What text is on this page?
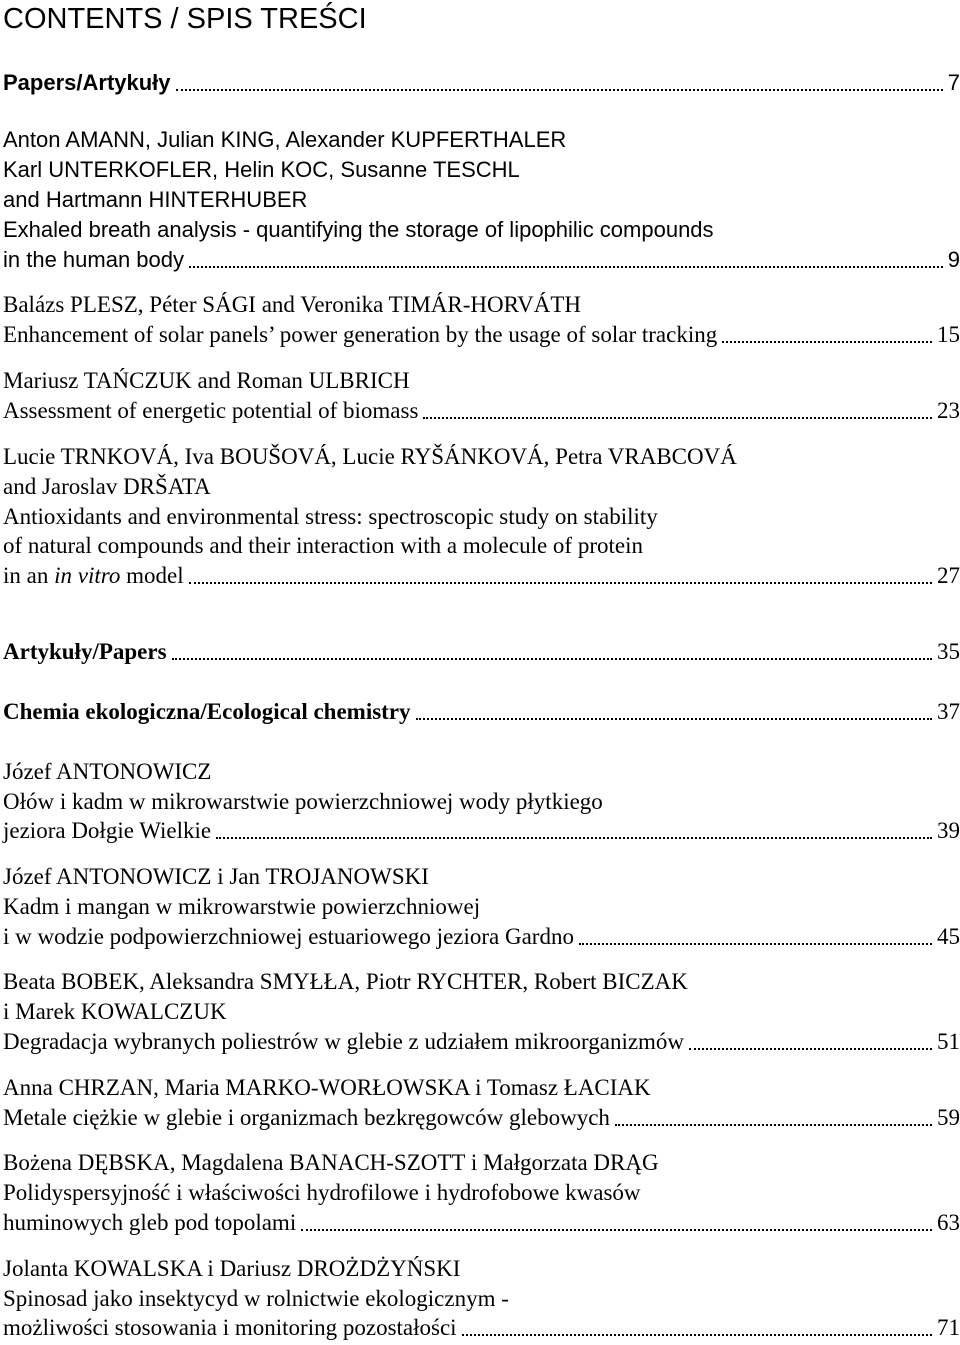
CONTENTS / SPIS TREŚCI
Papers/Artykuły	7
Anton AMANN, Julian KING, Alexander KUPFERTHALER
Karl UNTERKOFLER, Helin KOC, Susanne TESCHL
and Hartmann HINTERHUBER
Exhaled breath analysis - quantifying the storage of lipophilic compounds
in the human body	9
Balázs PLESZ, Péter SÁGI and Veronika TIMÁR-HORVÁTH
Enhancement of solar panels’ power generation by the usage of solar tracking	15
Mariusz TAŃCZUK and Roman ULBRICH
Assessment of energetic potential of biomass	23
Lucie TRNKOVÁ, Iva BOUŠOVÁ, Lucie RYŠÁNKOVÁ, Petra VRABCOVÁ
and Jaroslav DRŠATA
Antioxidants and environmental stress: spectroscopic study on stability
of natural compounds and their interaction with a molecule of protein
in an in vitro model	27
Artykuły/Papers	35
Chemia ekologiczna/Ecological chemistry	37
Józef ANTONOWICZ
Ołów i kadm w mikrowarstwie powierzchniowej wody płytkiego
jeziora Dołgie Wielkie	39
Józef ANTONOWICZ i Jan TROJANOWSKI
Kadm i mangan w mikrowarstwie powierzchniowej
i w wodzie podpowierzchniowej estuariowego jeziora Gardno	45
Beata BOBEK, Aleksandra SMYŁŁA, Piotr RYCHTER, Robert BICZAK
i Marek KOWALCZUK
Degradacja wybranych poliestrów w glebie z udziałem mikroorganizmów	51
Anna CHRZAN, Maria MARKO-WORŁOWSKA i Tomasz ŁACIAK
Metale ciężkie w glebie i organizmach bezkręgowców glebowych	59
Bożena DĘBSKA, Magdalena BANACH-SZOTT i Małgorzata DRĄG
Polidyspersyjność i właściwości hydrofilowe i hydrofobowe kwasów
huminowych gleb pod topolami	63
Jolanta KOWALSKA i Dariusz DROŻDŻYŃSKI
Spinosad jako insektycyd w rolnictwie ekologicznym -
możliwości stosowania i monitoring pozostałości	71
